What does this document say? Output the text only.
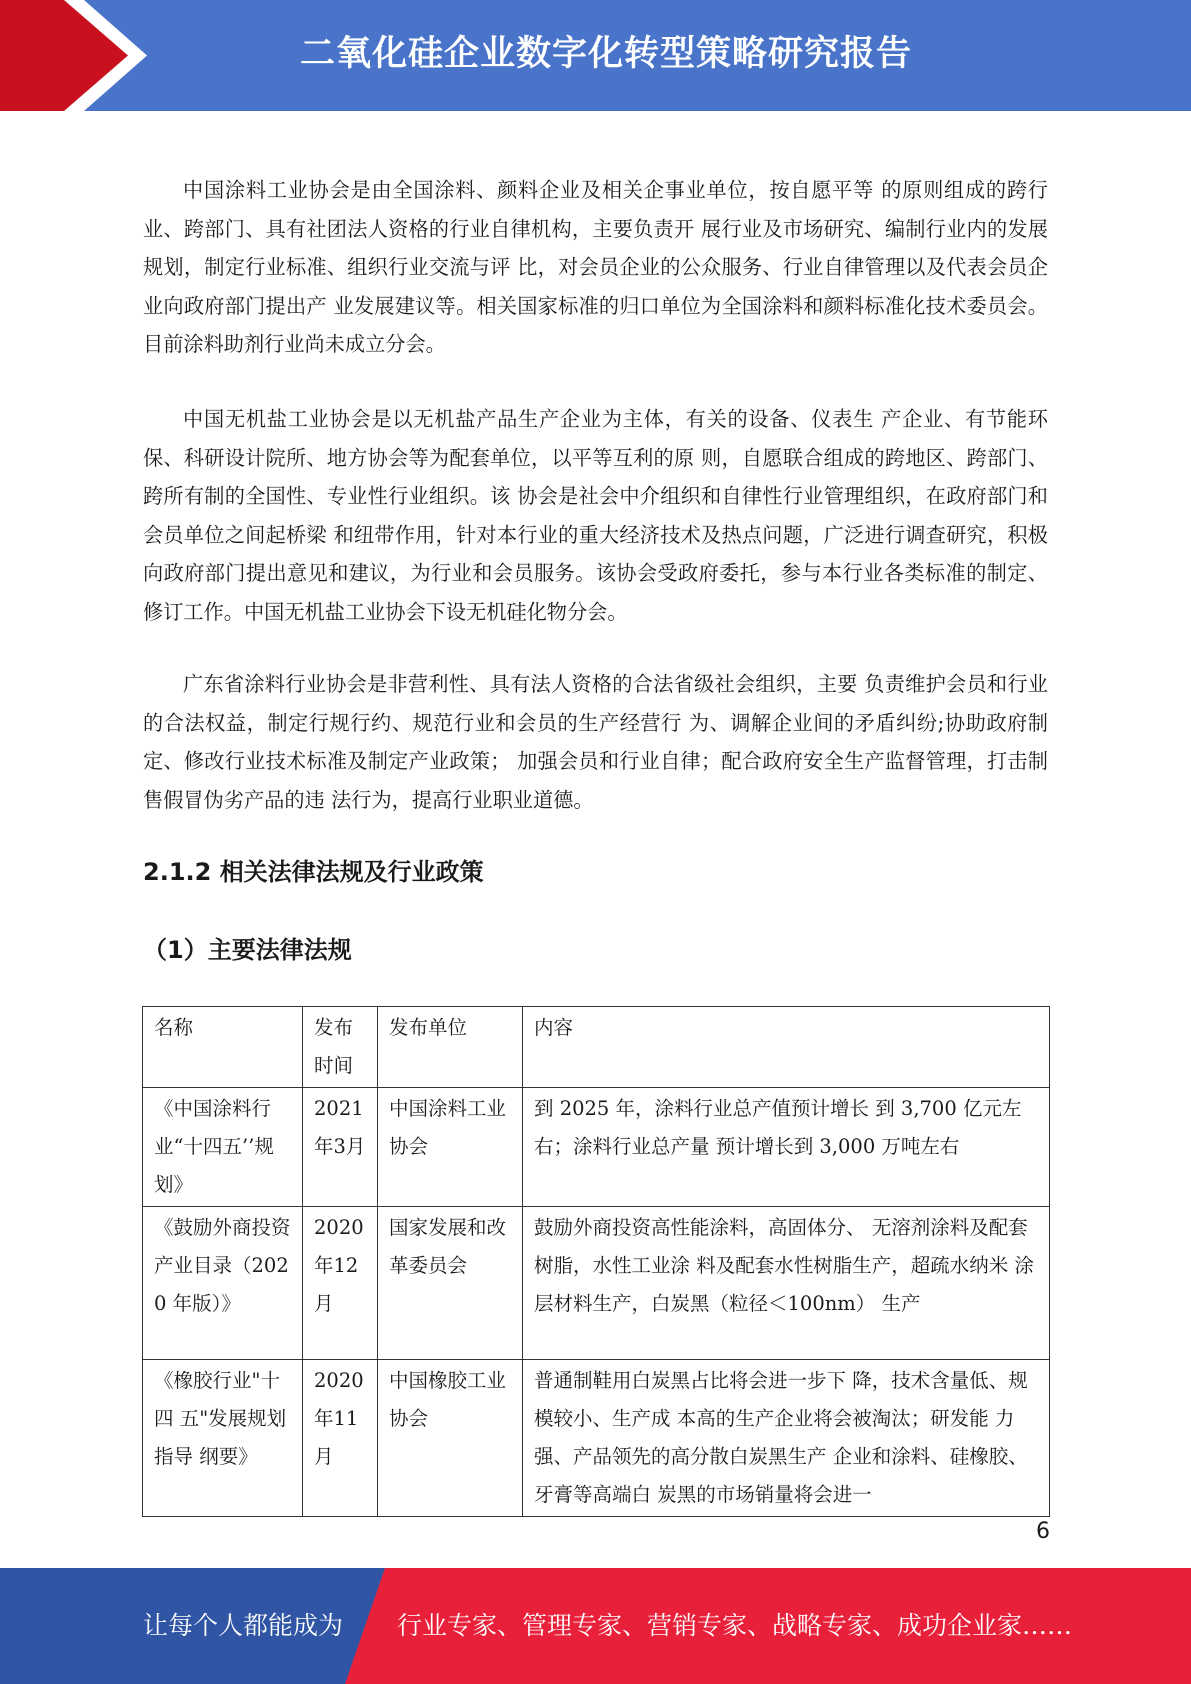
二氧化硅企业数字化转型策略研究报告

中国涂料工业协会是由全国涂料、颜料企业及相关企事业单位，按自愿平等 的原则组成的跨行业、跨部门、具有社团法人资格的行业自律机构，主要负责开 展行业及市场研究、编制行业内的发展规划，制定行业标准、组织行业交流与评 比，对会员企业的公众服务、行业自律管理以及代表会员企业向政府部门提出产 业发展建议等。相关国家标准的归口单位为全国涂料和颜料标准化技术委员会。 目前涂料助剂行业尚未成立分会。

中国无机盐工业协会是以无机盐产品生产企业为主体，有关的设备、仪表生 产企业、有节能环保、科研设计院所、地方协会等为配套单位，以平等互利的原 则，自愿联合组成的跨地区、跨部门、跨所有制的全国性、专业性行业组织。该 协会是社会中介组织和自律性行业管理组织，在政府部门和会员单位之间起桥梁 和纽带作用，针对本行业的重大经济技术及热点问题，广泛进行调查研究，积极 向政府部门提出意见和建议，为行业和会员服务。该协会受政府委托，参与本行业各类标准的制定、修订工作。中国无机盐工业协会下设无机硅化物分会。

广东省涂料行业协会是非营利性、具有法人资格的合法省级社会组织，主要 负责维护会员和行业的合法权益，制定行规行约、规范行业和会员的生产经营行 为、调解企业间的矛盾纠纷;协助政府制定、修改行业技术标准及制定产业政策； 加强会员和行业自律；配合政府安全生产监督管理，打击制售假冒伪劣产品的违 法行为，提高行业职业道德。

2.1.2 相关法律法规及行业政策
（1）主要法律法规
名称	发布时间	发布单位	内容
《中国涂料行业“十四五’’规划》	2021年3月	中国涂料工业 协会	到 2025 年，涂料行业总产值预计增长 到 3,700 亿元左右；涂料行业总产量 预计增长到 3,000 万吨左右
《鼓励外商投资 产业目录（2020 年版）》	2020年12月	国家发展和改 革委员会	鼓励外商投资高性能涂料，高固体分、 无溶剂涂料及配套树脂，水性工业涂 料及配套水性树脂生产，超疏水纳米 涂层材料生产，白炭黑（粒径＜100nm） 生产
《橡胶行业"十四 五"发展规划指导 纲要》	2020年11月	中国橡胶工业 协会	普通制鞋用白炭黑占比将会进一步下 降，技术含量低、规模较小、生产成 本高的生产企业将会被淘汰；研发能 力强、产品领先的高分散白炭黑生产 企业和涂料、硅橡胶、牙膏等高端白 炭黑的市场销量将会进一
6
让每个人都能成为 行业专家、管理专家、营销专家、战略专家、成功企业家……
